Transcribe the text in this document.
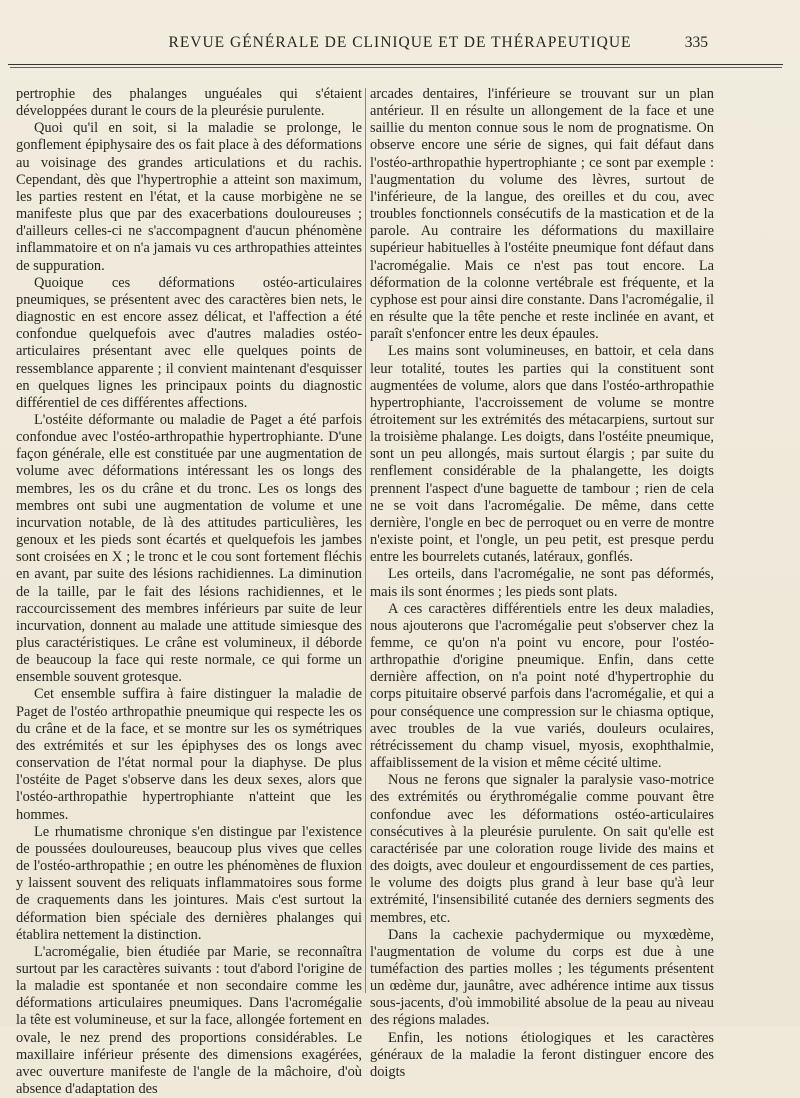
REVUE GÉNÉRALE DE CLINIQUE ET DE THÉRAPEUTIQUE	335

pertrophie des phalanges unguéales qui s'étaient développées durant le cours de la pleurésie purulente.

Quoi qu'il en soit, si la maladie se prolonge, le gonflement épiphysaire des os fait place à des déformations au voisinage des grandes articulations et du rachis. Cependant, dès que l'hypertrophie a atteint son maximum, les parties restent en l'état, et la cause morbigène ne se manifeste plus que par des exacerbations douloureuses ; d'ailleurs celles-ci ne s'accompagnent d'aucun phénomène inflammatoire et on n'a jamais vu ces arthropathies atteintes de suppuration.

Quoique ces déformations ostéo-articulaires pneumiques, se présentent avec des caractères bien nets, le diagnostic en est encore assez délicat, et l'affection a été confondue quelquefois avec d'autres maladies ostéo-articulaires présentant avec elle quelques points de ressemblance apparente ; il convient maintenant d'esquisser en quelques lignes les principaux points du diagnostic différentiel de ces différentes affections.

L'ostéite déformante ou maladie de Paget a été parfois confondue avec l'ostéo-arthropathie hypertrophiante. D'une façon générale, elle est constituée par une augmentation de volume avec déformations intéressant les os longs des membres, les os du crâne et du tronc. Les os longs des membres ont subi une augmentation de volume et une incurvation notable, de là des attitudes particulières, les genoux et les pieds sont écartés et quelquefois les jambes sont croisées en X ; le tronc et le cou sont fortement fléchis en avant, par suite des lésions rachidiennes. La diminution de la taille, par le fait des lésions rachidiennes, et le raccourcissement des membres inférieurs par suite de leur incurvation, donnent au malade une attitude simiesque des plus caractéristiques. Le crâne est volumineux, il déborde de beaucoup la face qui reste normale, ce qui forme un ensemble souvent grotesque.

Cet ensemble suffira à faire distinguer la maladie de Paget de l'ostéo arthropathie pneumique qui respecte les os du crâne et de la face, et se montre sur les os symétriques des extrémités et sur les épiphyses des os longs avec conservation de l'état normal pour la diaphyse. De plus l'ostéite de Paget s'observe dans les deux sexes, alors que l'ostéo-arthropathie hypertrophiante n'atteint que les hommes.

Le rhumatisme chronique s'en distingue par l'existence de poussées douloureuses, beaucoup plus vives que celles de l'ostéo-arthropathie ; en outre les phénomènes de fluxion y laissent souvent des reliquats inflammatoires sous forme de craquements dans les jointures. Mais c'est surtout la déformation bien spéciale des dernières phalanges qui établira nettement la distinction.

L'acromégalie, bien étudiée par Marie, se reconnaîtra surtout par les caractères suivants : tout d'abord l'origine de la maladie est spontanée et non secondaire comme les déformations articulaires pneumiques. Dans l'acromégalie la tête est volumineuse, et sur la face, allongée fortement en ovale, le nez prend des proportions considérables. Le maxillaire inférieur présente des dimensions exagérées, avec ouverture manifeste de l'angle de la mâchoire, d'où absence d'adaptation des

arcades dentaires, l'inférieure se trouvant sur un plan antérieur. Il en résulte un allongement de la face et une saillie du menton connue sous le nom de prognatisme. On observe encore une série de signes, qui fait défaut dans l'ostéo-arthropathie hypertrophiante ; ce sont par exemple : l'augmentation du volume des lèvres, surtout de l'inférieure, de la langue, des oreilles et du cou, avec troubles fonctionnels consécutifs de la mastication et de la parole. Au contraire les déformations du maxillaire supérieur habituelles à l'ostéite pneumique font défaut dans l'acromégalie. Mais ce n'est pas tout encore. La déformation de la colonne vertébrale est fréquente, et la cyphose est pour ainsi dire constante. Dans l'acromégalie, il en résulte que la tête penche et reste inclinée en avant, et paraît s'enfoncer entre les deux épaules.

Les mains sont volumineuses, en battoir, et cela dans leur totalité, toutes les parties qui la constituent sont augmentées de volume, alors que dans l'ostéo-arthropathie hypertrophiante, l'accroissement de volume se montre étroitement sur les extrémités des métacarpiens, surtout sur la troisième phalange. Les doigts, dans l'ostéite pneumique, sont un peu allongés, mais surtout élargis ; par suite du renflement considérable de la phalangette, les doigts prennent l'aspect d'une baguette de tambour ; rien de cela ne se voit dans l'acromégalie. De même, dans cette dernière, l'ongle en bec de perroquet ou en verre de montre n'existe point, et l'ongle, un peu petit, est presque perdu entre les bourrelets cutanés, latéraux, gonflés.

Les orteils, dans l'acromégalie, ne sont pas déformés, mais ils sont énormes ; les pieds sont plats.

A ces caractères différentiels entre les deux maladies, nous ajouterons que l'acromégalie peut s'observer chez la femme, ce qu'on n'a point vu encore, pour l'ostéo-arthropathie d'origine pneumique. Enfin, dans cette dernière affection, on n'a point noté d'hypertrophie du corps pituitaire observé parfois dans l'acromégalie, et qui a pour conséquence une compression sur le chiasma optique, avec troubles de la vue variés, douleurs oculaires, rétrécissement du champ visuel, myosis, exophthalmie, affaiblissement de la vision et même cécité ultime.

Nous ne ferons que signaler la paralysie vaso-motrice des extrémités ou érythromégalie comme pouvant être confondue avec les déformations ostéo-articulaires consécutives à la pleurésie purulente. On sait qu'elle est caractérisée par une coloration rouge livide des mains et des doigts, avec douleur et engourdissement de ces parties, le volume des doigts plus grand à leur base qu'à leur extrémité, l'insensibilité cutanée des derniers segments des membres, etc.

Dans la cachexie pachydermique ou myxœdème, l'augmentation de volume du corps est due à une tuméfaction des parties molles ; les téguments présentent un œdème dur, jaunâtre, avec adhérence intime aux tissus sous-jacents, d'où immobilité absolue de la peau au niveau des régions malades.

Enfin, les notions étiologiques et les caractères généraux de la maladie la feront distinguer encore des doigts
